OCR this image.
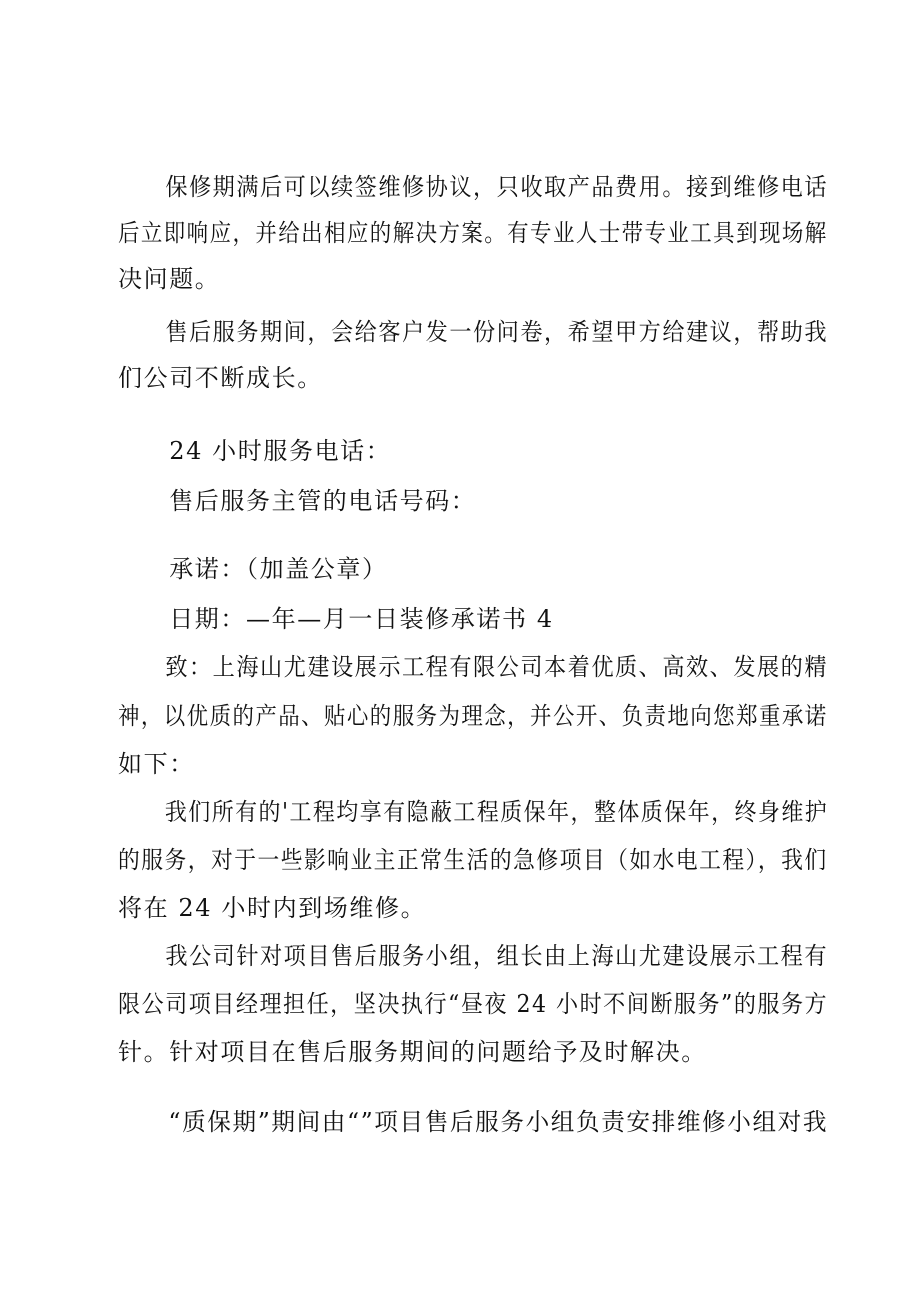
　　保修期满后可以续签维修协议，只收取产品费用。接到维修电话
后立即响应，并给出相应的解决方案。有专业人士带专业工具到现场解
决问题。
　　售后服务期间，会给客户发一份问卷，希望甲方给建议，帮助我
们公司不断成长。
　　24 小时服务电话：
　　售后服务主管的电话号码：
　　承诺：（加盖公章）
　　日期：—年—月一日装修承诺书 4
　　致：上海山尤建设展示工程有限公司本着优质、高效、发展的精
神，以优质的产品、贴心的服务为理念，并公开、负责地向您郑重承诺
如下：
　　我们所有的'工程均享有隐蔽工程质保年，整体质保年，终身维护
的服务，对于一些影响业主正常生活的急修项目（如水电工程），我们
将在 24 小时内到场维修。
　　我公司针对项目售后服务小组，组长由上海山尤建设展示工程有
限公司项目经理担任，坚决执行“昼夜 24 小时不间断服务”的服务方
针。针对项目在售后服务期间的问题给予及时解决。
　　“质保期”期间由“”项目售后服务小组负责安排维修小组对我
